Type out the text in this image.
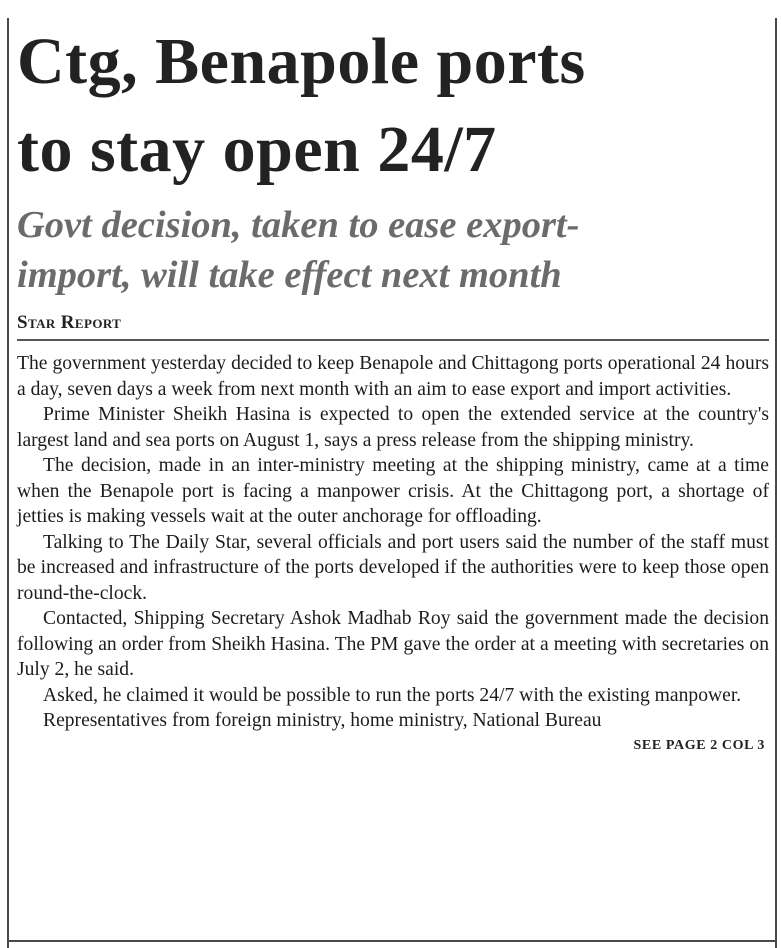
Ctg, Benapole ports
to stay open 24/7
Govt decision, taken to ease export-
import, will take effect next month
Star Report

The government yesterday decided to keep Benapole and Chittagong ports operational 24 hours a day, seven days a week from next month with an aim to ease export and import activities.

Prime Minister Sheikh Hasina is expected to open the extended service at the country's largest land and sea ports on August 1, says a press release from the shipping ministry.

The decision, made in an inter-ministry meeting at the shipping ministry, came at a time when the Benapole port is facing a manpower crisis. At the Chittagong port, a shortage of jetties is making vessels wait at the outer anchorage for offloading.

Talking to The Daily Star, several officials and port users said the number of the staff must be increased and infrastructure of the ports developed if the authorities were to keep those open round-the-clock.

Contacted, Shipping Secretary Ashok Madhab Roy said the government made the decision following an order from Sheikh Hasina. The PM gave the order at a meeting with secretaries on July 2, he said.

Asked, he claimed it would be possible to run the ports 24/7 with the existing manpower.

Representatives from foreign ministry, home ministry, National Bureau

SEE PAGE 2 COL 3
